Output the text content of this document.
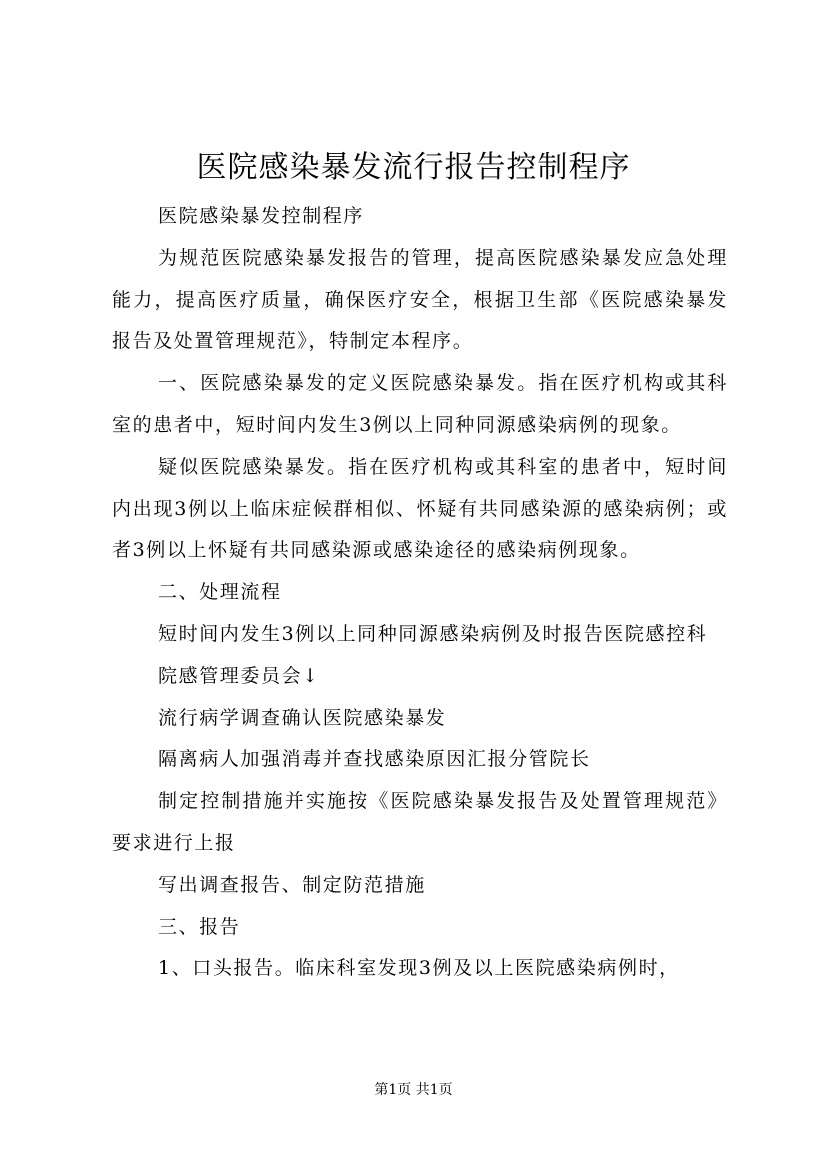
医院感染暴发流行报告控制程序

医院感染暴发控制程序

为规范医院感染暴发报告的管理，提高医院感染暴发应急处理能力，提高医疗质量，确保医疗安全，根据卫生部《医院感染暴发报告及处置管理规范》，特制定本程序。

一、医院感染暴发的定义医院感染暴发。指在医疗机构或其科室的患者中，短时间内发生3例以上同种同源感染病例的现象。

疑似医院感染暴发。指在医疗机构或其科室的患者中，短时间内出现3例以上临床症候群相似、怀疑有共同感染源的感染病例；或者3例以上怀疑有共同感染源或感染途径的感染病例现象。

二、处理流程

短时间内发生3例以上同种同源感染病例及时报告医院感控科

院感管理委员会↓

流行病学调查确认医院感染暴发

隔离病人加强消毒并查找感染原因汇报分管院长

制定控制措施并实施按《医院感染暴发报告及处置管理规范》要求进行上报

写出调查报告、制定防范措施

三、报告

1、口头报告。临床科室发现3例及以上医院感染病例时，

第1页 共1页
